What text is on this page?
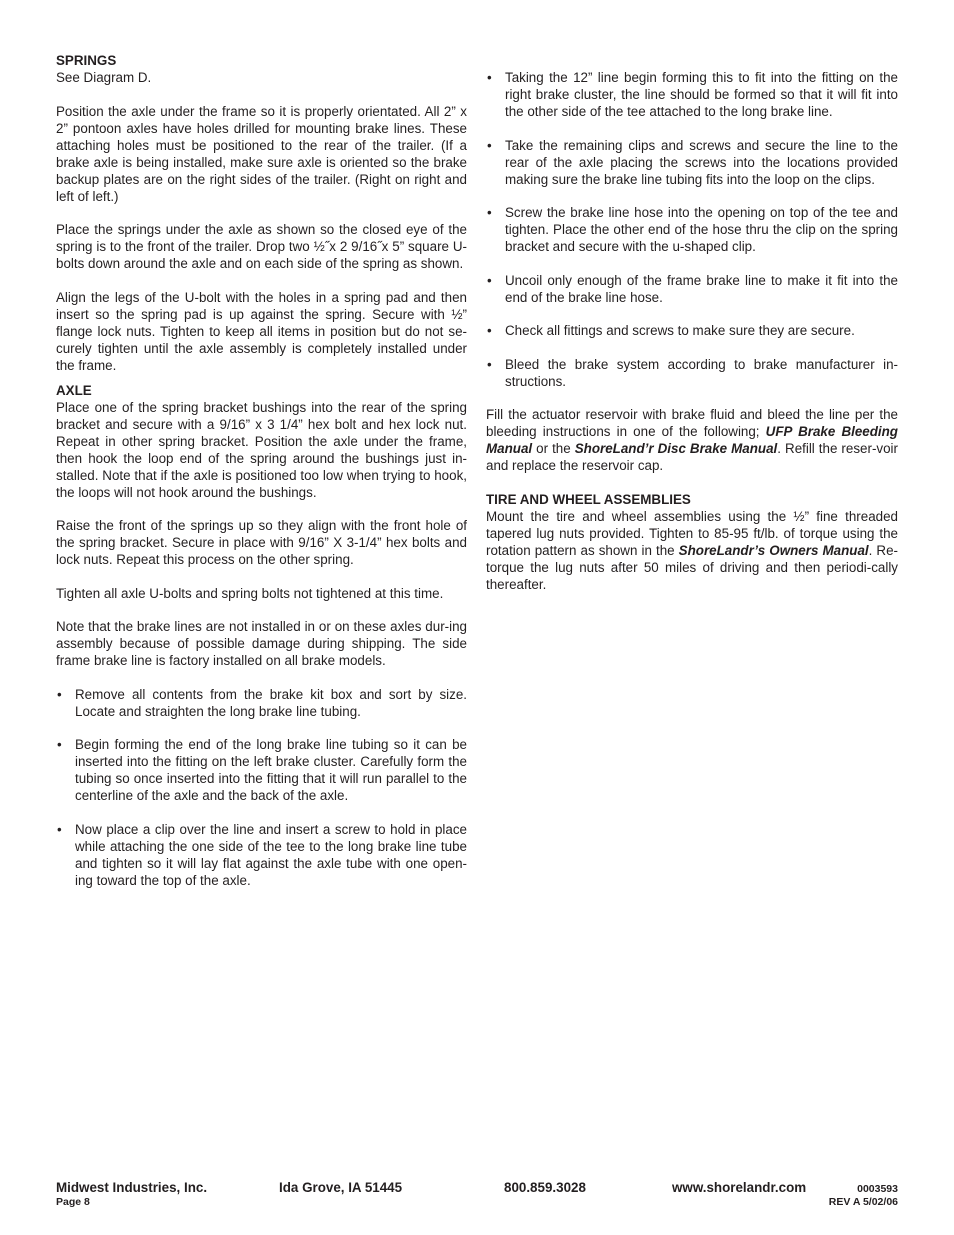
SPRINGS

See Diagram D.

Position the axle under the frame so it is properly orientated. All 2” x 2” pontoon axles have holes drilled for mounting brake lines. These attaching holes must be positioned to the rear of the trailer. (If a brake axle is being installed, make sure axle is oriented so the brake backup plates are on the right sides of the trailer. (Right on right and left of left.)

Place the springs under the axle as shown so the closed eye of the spring is to the front of the trailer. Drop two ½˝x 2 9/16˝x 5” square U-bolts down around the axle and on each side of the spring as shown.

Align the legs of the U-bolt with the holes in a spring pad and then insert so the spring pad is up against the spring. Secure with ½” flange lock nuts. Tighten to keep all items in position but do not se-curely tighten until the axle assembly is completely installed under the frame.

AXLE

Place one of the spring bracket bushings into the rear of the spring bracket and secure with a 9/16” x 3 1/4” hex bolt and hex lock nut. Repeat in other spring bracket. Position the axle under the frame, then hook the loop end of the spring around the bushings just in-stalled. Note that if the axle is positioned too low when trying to hook, the loops will not hook around the bushings.

Raise the front of the springs up so they align with the front hole of the spring bracket. Secure in place with 9/16” X 3-1/4” hex bolts and lock nuts. Repeat this process on the other spring.

Tighten all axle U-bolts and spring bolts not tightened at this time.

Note that the brake lines are not installed in or on these axles dur-ing assembly because of possible damage during shipping. The side frame brake line is factory installed on all brake models.

• Remove all contents from the brake kit box and sort by size. Locate and straighten the long brake line tubing.
• Begin forming the end of the long brake line tubing so it can be inserted into the fitting on the left brake cluster. Carefully form the tubing so once inserted into the fitting that it will run parallel to the centerline of the axle and the back of the axle.
• Now place a clip over the line and insert a screw to hold in place while attaching the one side of the tee to the long brake line tube and tighten so it will lay flat against the axle tube with one open-ing toward the top of the axle.
• Taking the 12” line begin forming this to fit into the fitting on the right brake cluster, the line should be formed so that it will fit into the other side of the tee attached to the long brake line.
• Take the remaining clips and screws and secure the line to the rear of the axle placing the screws into the locations provided making sure the brake line tubing fits into the loop on the clips.
• Screw the brake line hose into the opening on top of the tee and tighten. Place the other end of the hose thru the clip on the spring bracket and secure with the u-shaped clip.
• Uncoil only enough of the frame brake line to make it fit into the end of the brake line hose.
• Check all fittings and screws to make sure they are secure.
• Bleed the brake system according to brake manufacturer in-structions.

Fill the actuator reservoir with brake fluid and bleed the line per the bleeding instructions in one of the following; UFP Brake Bleeding Manual or the ShoreLand’r Disc Brake Manual. Refill the reser-voir and replace the reservoir cap.

TIRE AND WHEEL ASSEMBLIES

Mount the tire and wheel assemblies using the ½” fine threaded tapered lug nuts provided. Tighten to 85-95 ft/lb. of torque using the rotation pattern as shown in the ShoreLandr’s Owners Manual. Re-torque the lug nuts after 50 miles of driving and then periodi-cally thereafter.

Midwest Industries, Inc.	Ida Grove, IA 51445	800.859.3028	www.shorelandr.com	0003593
Page 8	REV A 5/02/06
